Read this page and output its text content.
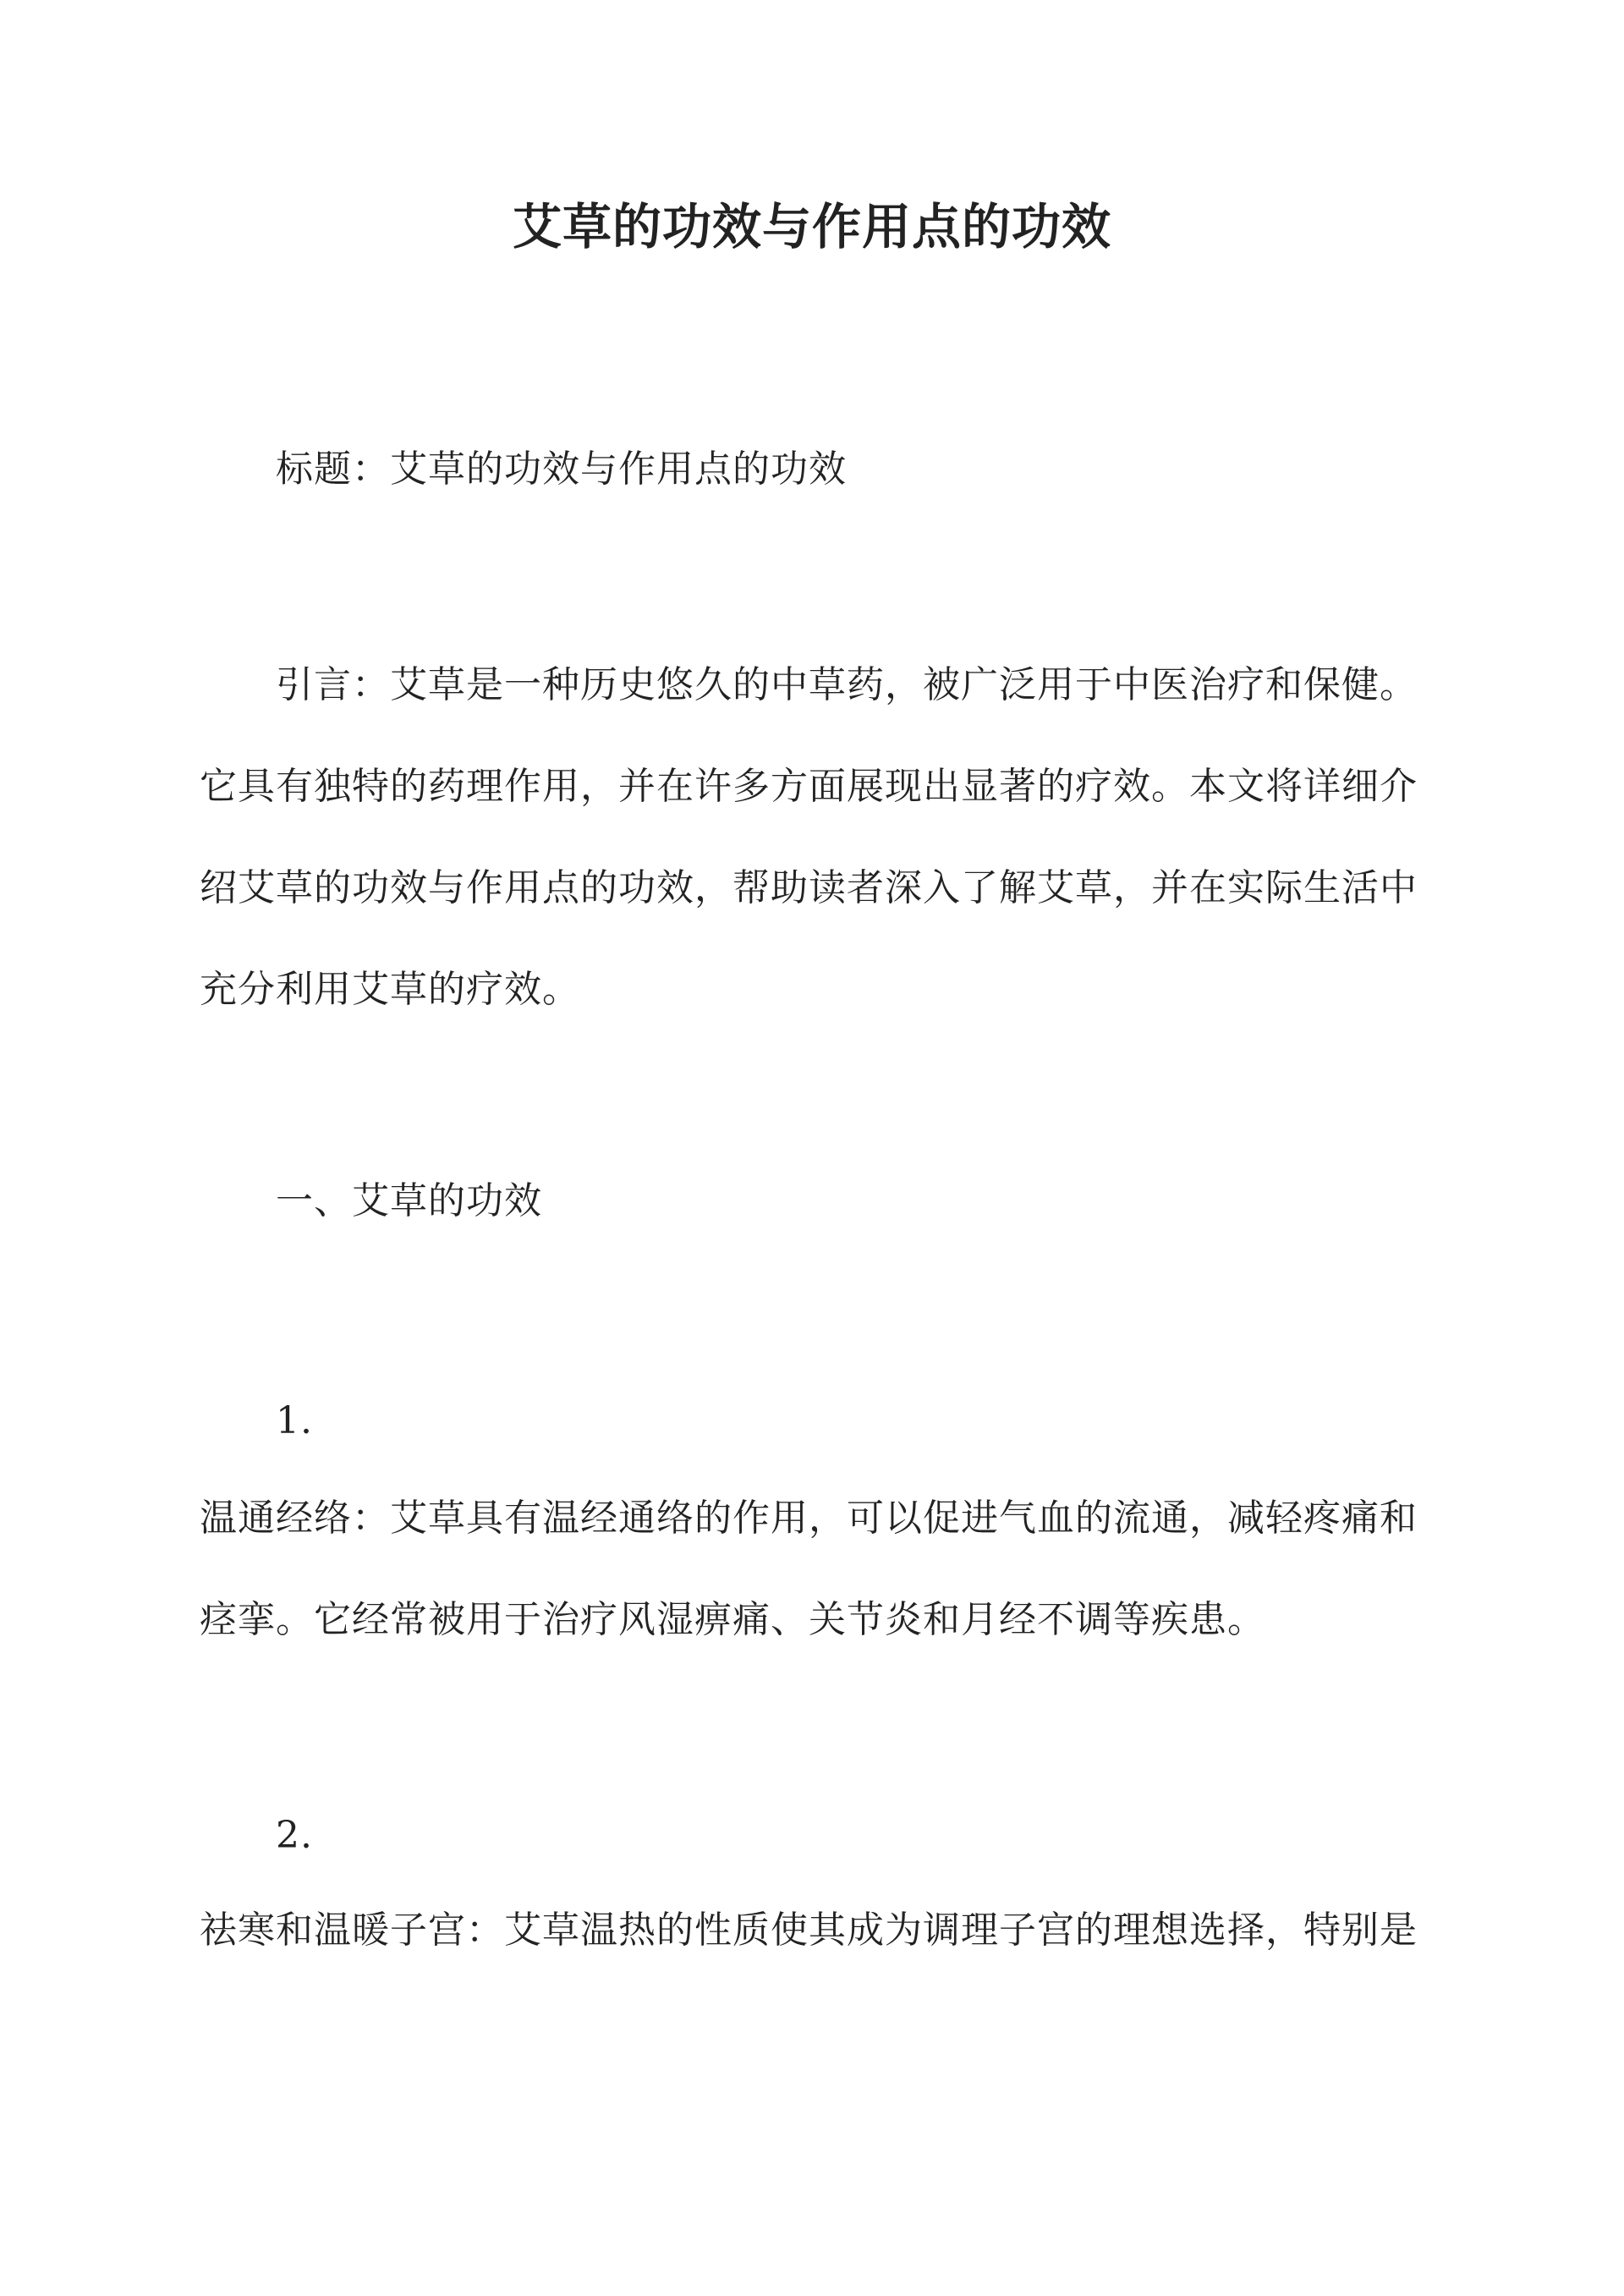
艾草的功效与作用点的功效
标题：艾草的功效与作用点的功效
引言：艾草是一种历史悠久的中草药，被广泛用于中医治疗和保健。
它具有独特的药理作用，并在许多方面展现出显著的疗效。本文将详细介
绍艾草的功效与作用点的功效，帮助读者深入了解艾草，并在实际生活中
充分利用艾草的疗效。
一、艾草的功效
1.
温通经络：艾草具有温经通络的作用，可以促进气血的流通，减轻疼痛和
痉挛。它经常被用于治疗风湿痹痛、关节炎和月经不调等疾患。
2.
祛寒和温暖子宫：艾草温热的性质使其成为调理子宫的理想选择，特别是
